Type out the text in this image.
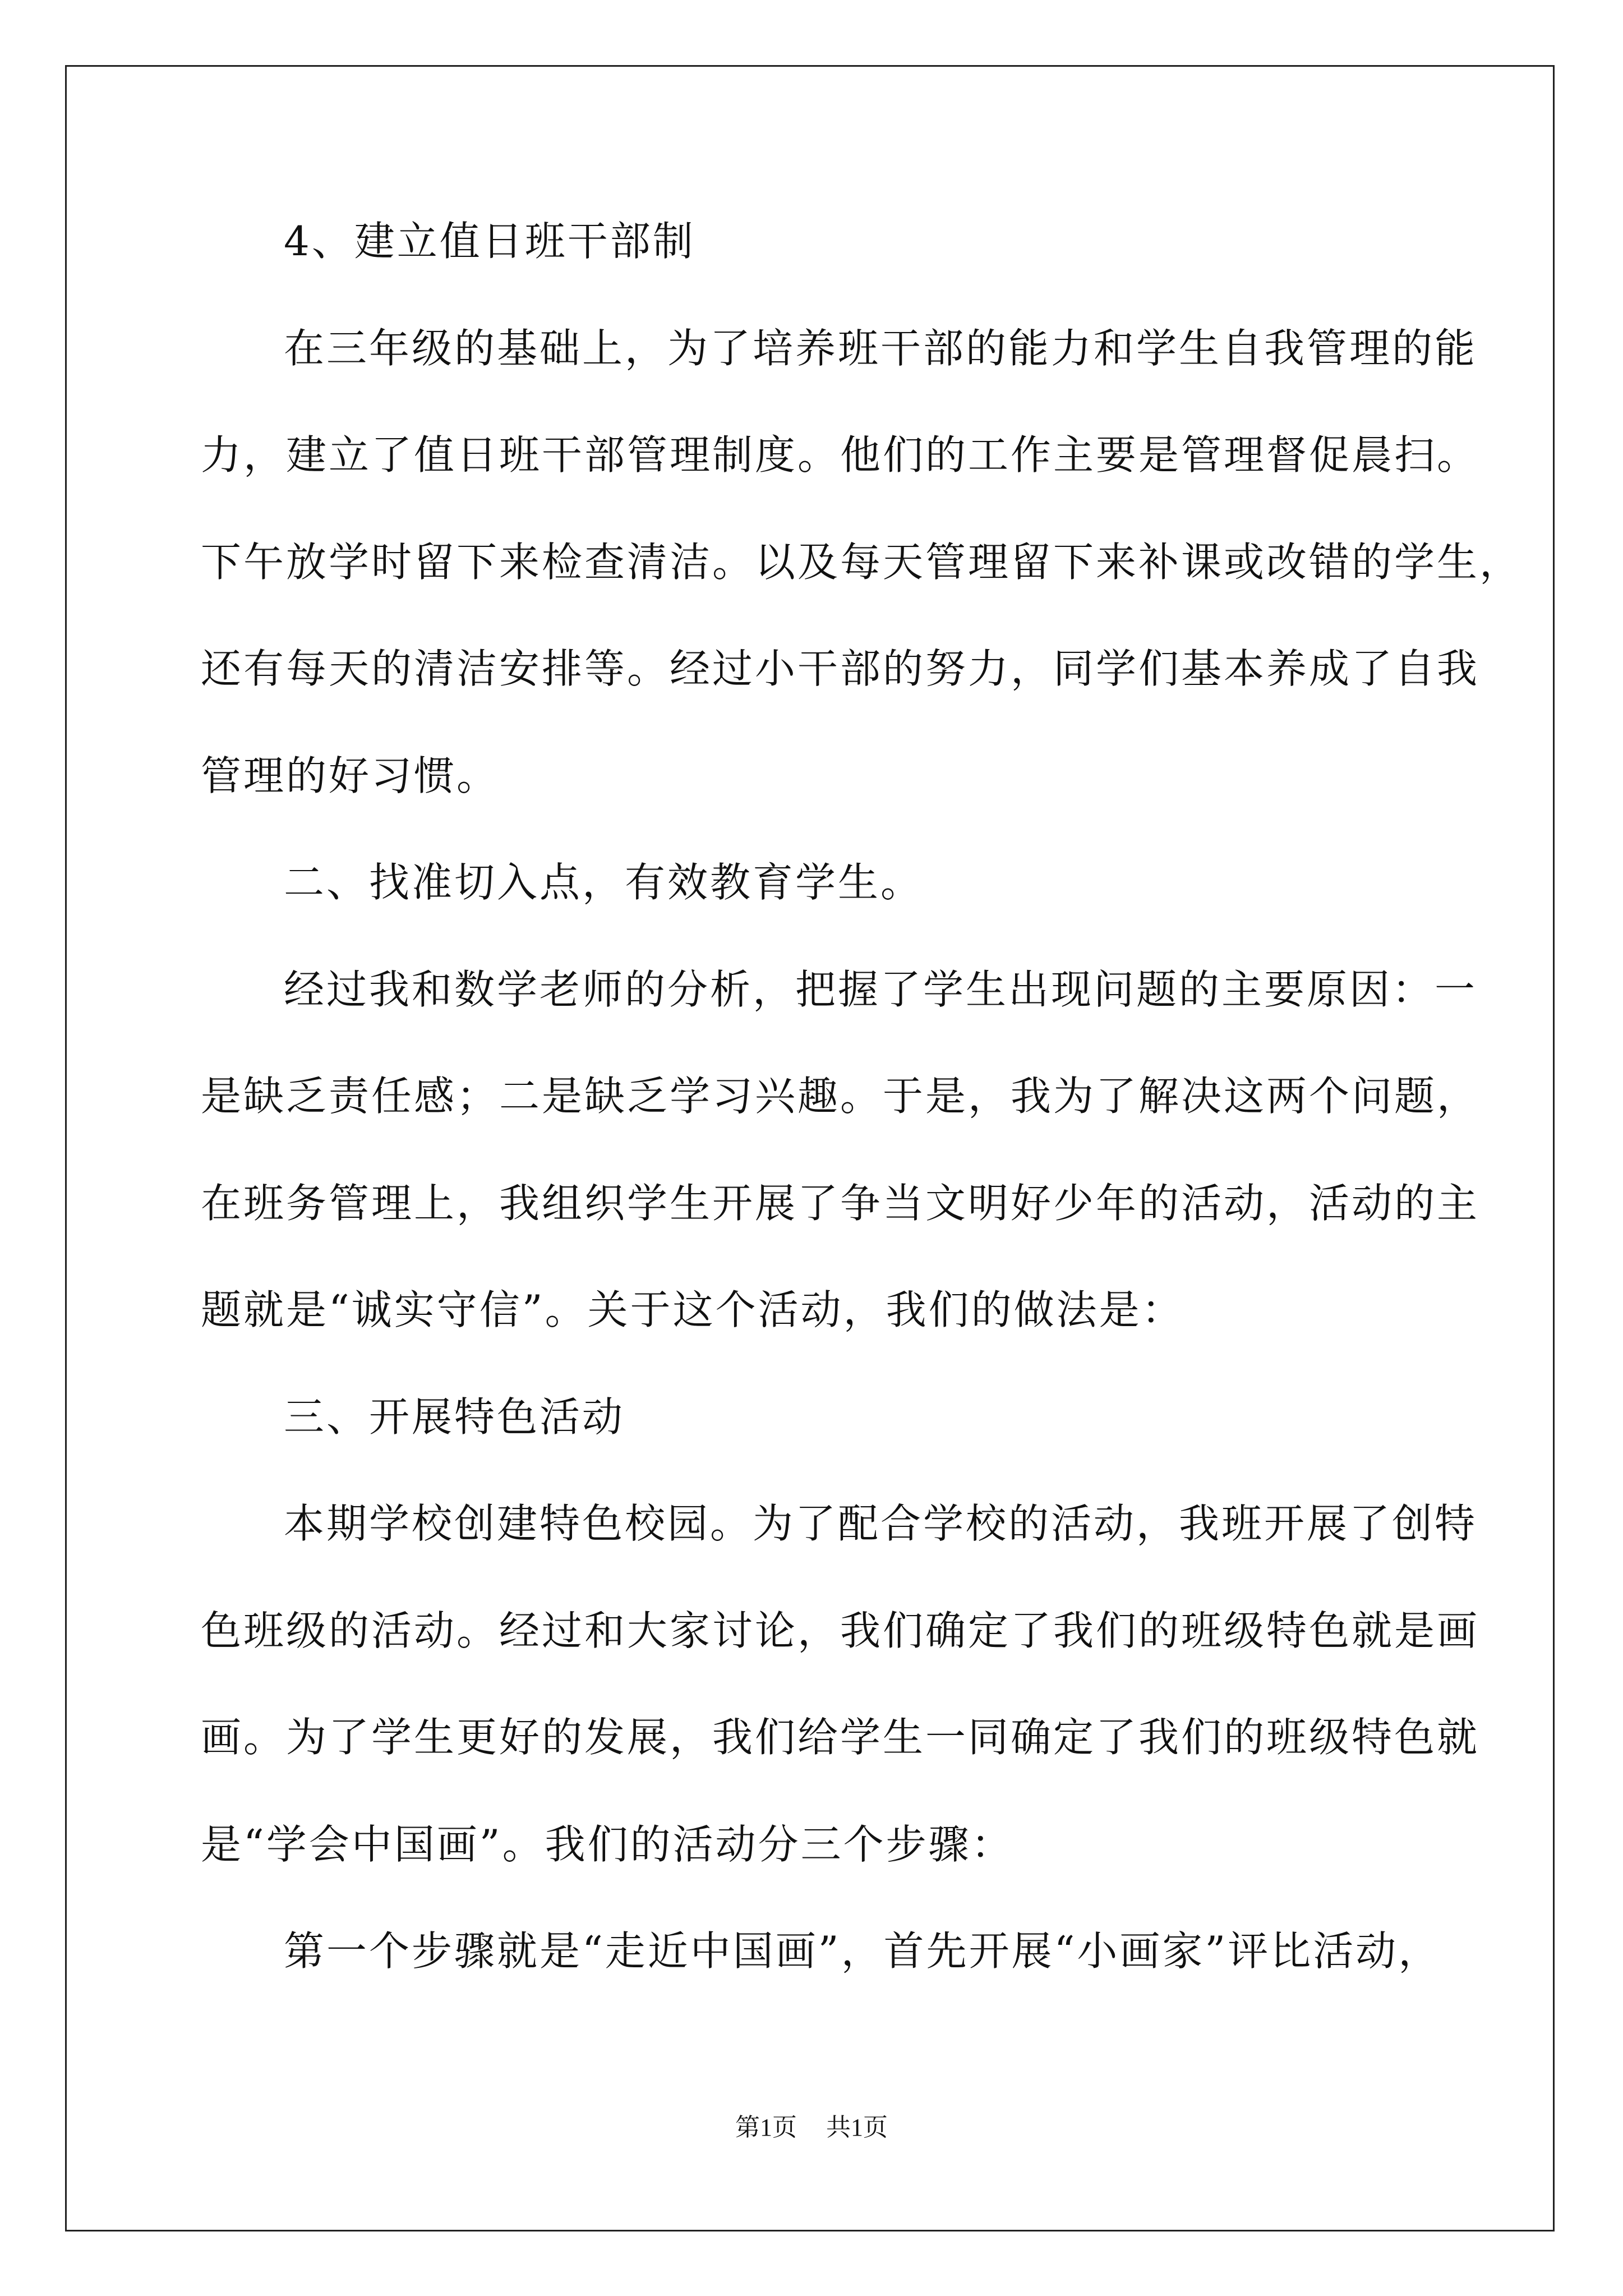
4、建立值日班干部制
在三年级的基础上，为了培养班干部的能力和学生自我管理的能
力，建立了值日班干部管理制度。他们的工作主要是管理督促晨扫。
下午放学时留下来检查清洁。以及每天管理留下来补课或改错的学生，
还有每天的清洁安排等。经过小干部的努力，同学们基本养成了自我
管理的好习惯。
二、找准切入点，有效教育学生。
经过我和数学老师的分析，把握了学生出现问题的主要原因：一
是缺乏责任感；二是缺乏学习兴趣。于是，我为了解决这两个问题，
在班务管理上，我组织学生开展了争当文明好少年的活动，活动的主
题就是“诚实守信”。关于这个活动，我们的做法是：
三、开展特色活动
本期学校创建特色校园。为了配合学校的活动，我班开展了创特
色班级的活动。经过和大家讨论，我们确定了我们的班级特色就是画
画。为了学生更好的发展，我们给学生一同确定了我们的班级特色就
是“学会中国画”。我们的活动分三个步骤：
第一个步骤就是“走近中国画”，首先开展“小画家”评比活动，
第1页 共1页
